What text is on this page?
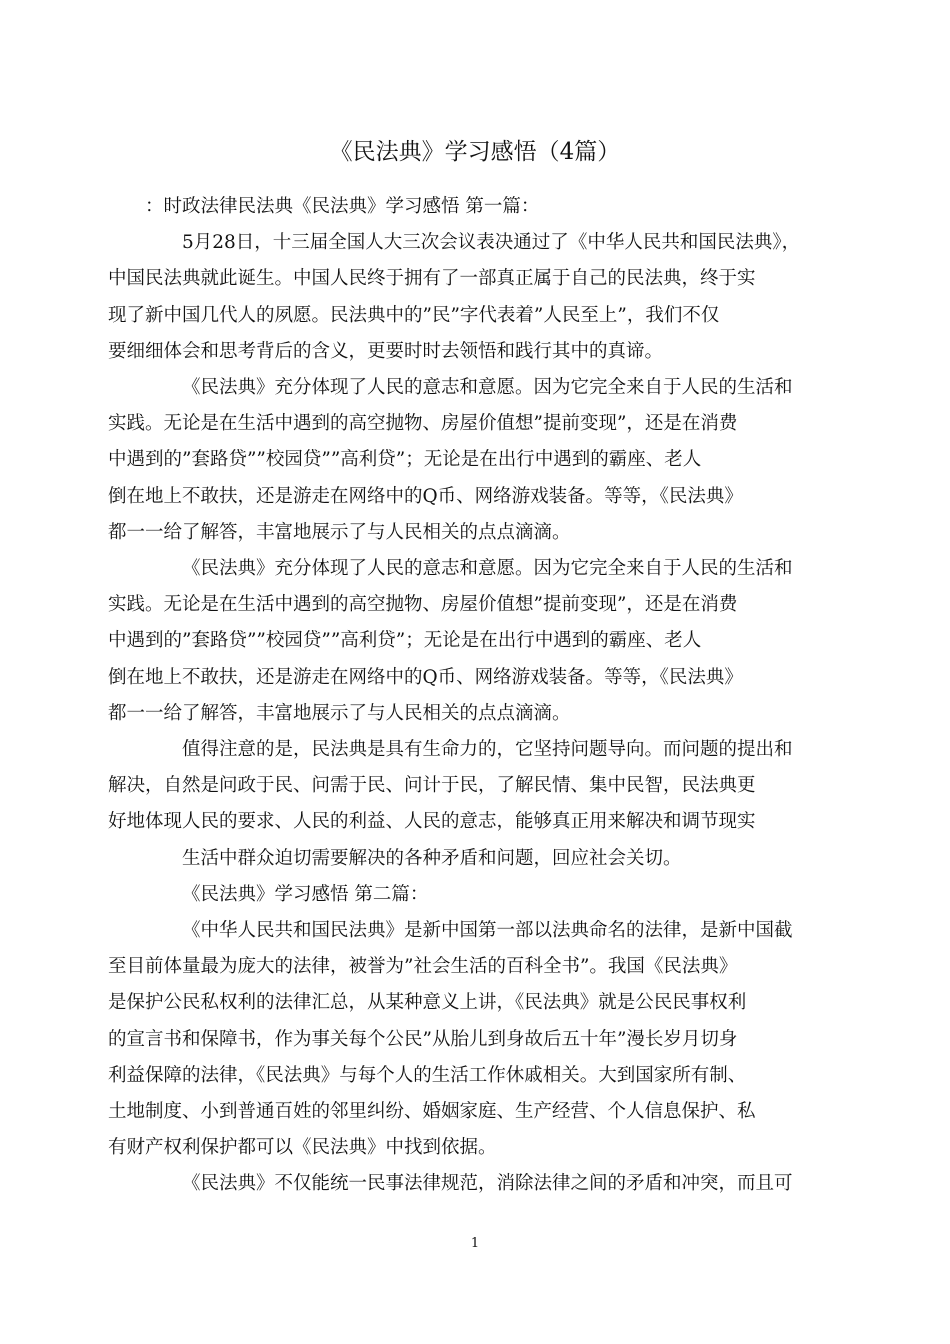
《民法典》学习感悟（4篇）

：时政法律民法典《民法典》学习感悟 第一篇：

5月28日，十三届全国人大三次会议表决通过了《中华人民共和国民法典》，
中国民法典就此诞生。中国人民终于拥有了一部真正属于自己的民法典，终于实
现了新中国几代人的夙愿。民法典中的”民”字代表着”人民至上”，我们不仅
要细细体会和思考背后的含义，更要时时去领悟和践行其中的真谛。

《民法典》充分体现了人民的意志和意愿。因为它完全来自于人民的生活和
实践。无论是在生活中遇到的高空抛物、房屋价值想”提前变现”，还是在消费
中遇到的”套路贷””校园贷””高利贷”；无论是在出行中遇到的霸座、老人
倒在地上不敢扶，还是游走在网络中的Q币、网络游戏装备。等等，《民法典》
都一一给了解答，丰富地展示了与人民相关的点点滴滴。

《民法典》充分体现了人民的意志和意愿。因为它完全来自于人民的生活和
实践。无论是在生活中遇到的高空抛物、房屋价值想”提前变现”，还是在消费
中遇到的”套路贷””校园贷””高利贷”；无论是在出行中遇到的霸座、老人
倒在地上不敢扶，还是游走在网络中的Q币、网络游戏装备。等等，《民法典》
都一一给了解答，丰富地展示了与人民相关的点点滴滴。

值得注意的是，民法典是具有生命力的，它坚持问题导向。而问题的提出和
解决，自然是问政于民、问需于民、问计于民，了解民情、集中民智，民法典更
好地体现人民的要求、人民的利益、人民的意志，能够真正用来解决和调节现实

生活中群众迫切需要解决的各种矛盾和问题，回应社会关切。

《民法典》学习感悟 第二篇：

《中华人民共和国民法典》是新中国第一部以法典命名的法律，是新中国截
至目前体量最为庞大的法律，被誉为”社会生活的百科全书”。我国《民法典》
是保护公民私权利的法律汇总，从某种意义上讲，《民法典》就是公民民事权利
的宣言书和保障书，作为事关每个公民”从胎儿到身故后五十年”漫长岁月切身
利益保障的法律，《民法典》与每个人的生活工作休戚相关。大到国家所有制、
土地制度、小到普通百姓的邻里纠纷、婚姻家庭、生产经营、个人信息保护、私
有财产权利保护都可以《民法典》中找到依据。

《民法典》不仅能统一民事法律规范，消除法律之间的矛盾和冲突，而且可

1
